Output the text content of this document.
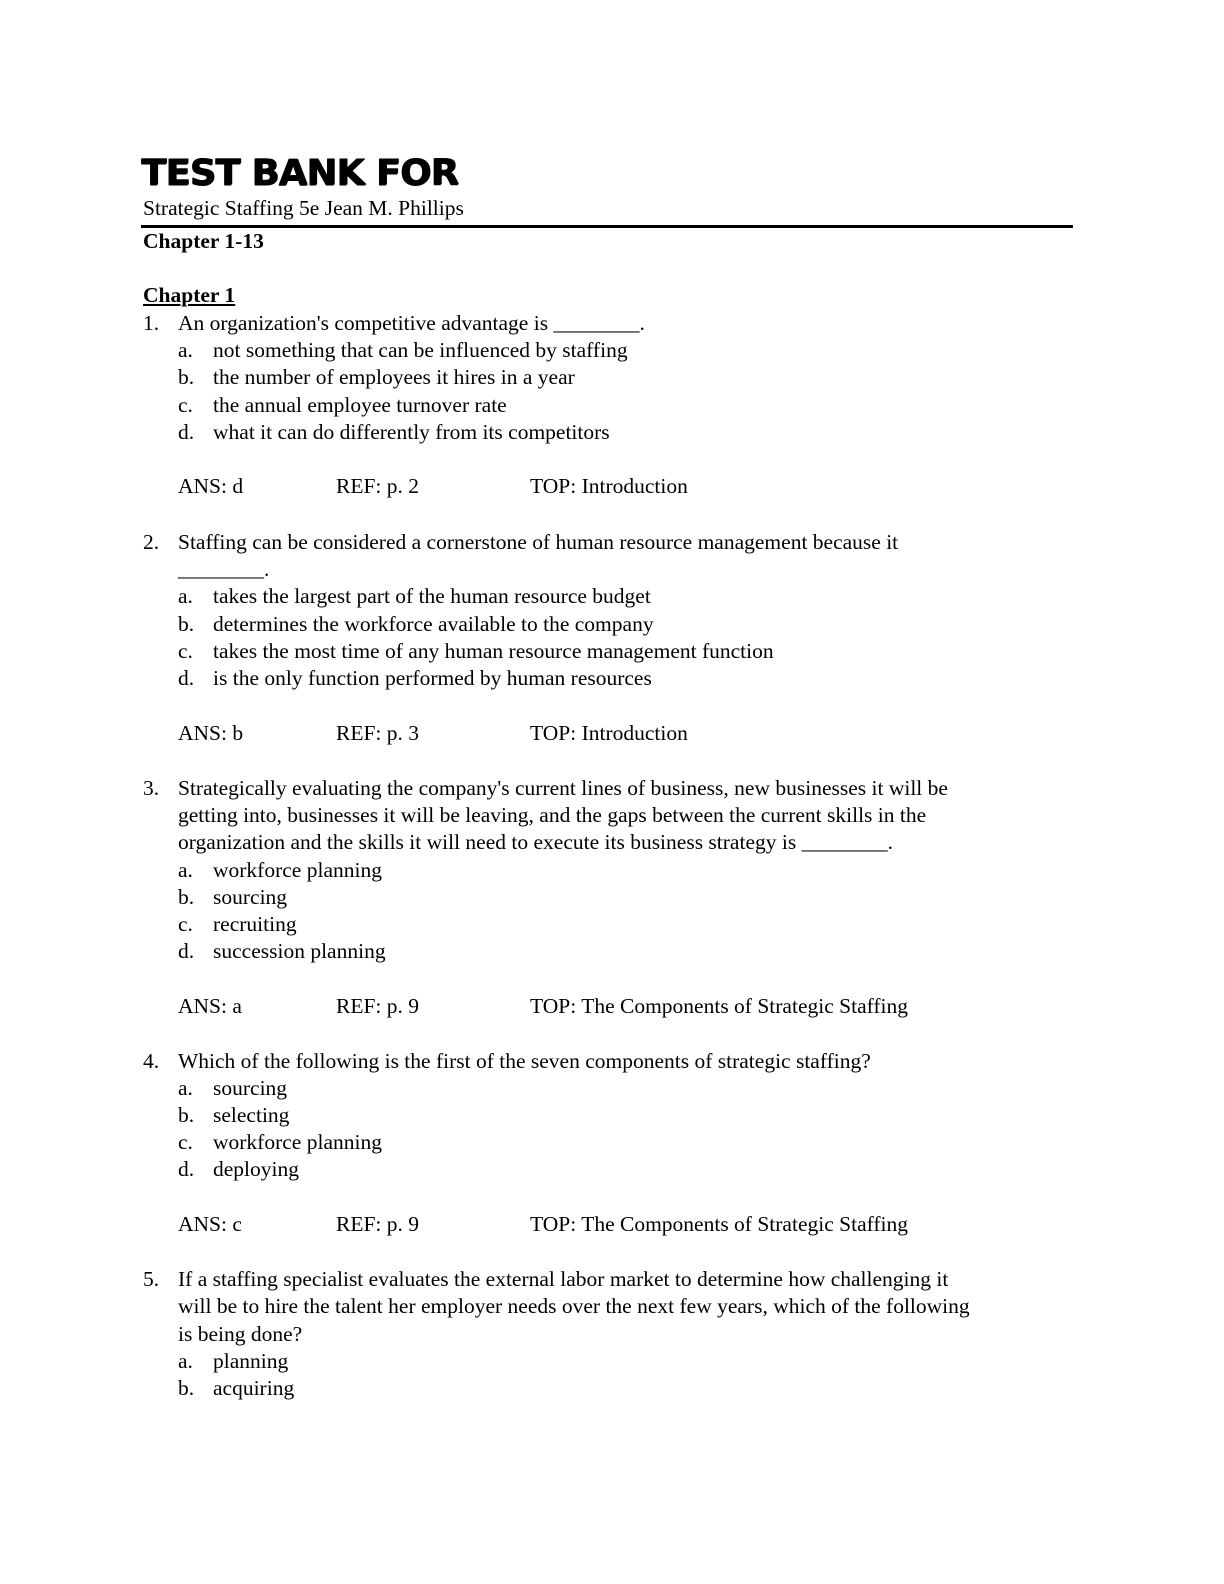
TEST BANK FOR
Strategic Staffing 5e Jean M. Phillips
Chapter 1-13
Chapter 1
1. An organization's competitive advantage is ________.
a. not something that can be influenced by staffing
b. the number of employees it hires in a year
c. the annual employee turnover rate
d. what it can do differently from its competitors
ANS: d	REF: p. 2	TOP: Introduction
2. Staffing can be considered a cornerstone of human resource management because it
________.
a. takes the largest part of the human resource budget
b. determines the workforce available to the company
c. takes the most time of any human resource management function
d. is the only function performed by human resources
ANS: b	REF: p. 3	TOP: Introduction
3. Strategically evaluating the company's current lines of business, new businesses it will be
getting into, businesses it will be leaving, and the gaps between the current skills in the
organization and the skills it will need to execute its business strategy is ________.
a. workforce planning
b. sourcing
c. recruiting
d. succession planning
ANS: a	REF: p. 9	TOP: The Components of Strategic Staffing
4. Which of the following is the first of the seven components of strategic staffing?
a. sourcing
b. selecting
c. workforce planning
d. deploying
ANS: c	REF: p. 9	TOP: The Components of Strategic Staffing
5. If a staffing specialist evaluates the external labor market to determine how challenging it
will be to hire the talent her employer needs over the next few years, which of the following
is being done?
a. planning
b. acquiring
